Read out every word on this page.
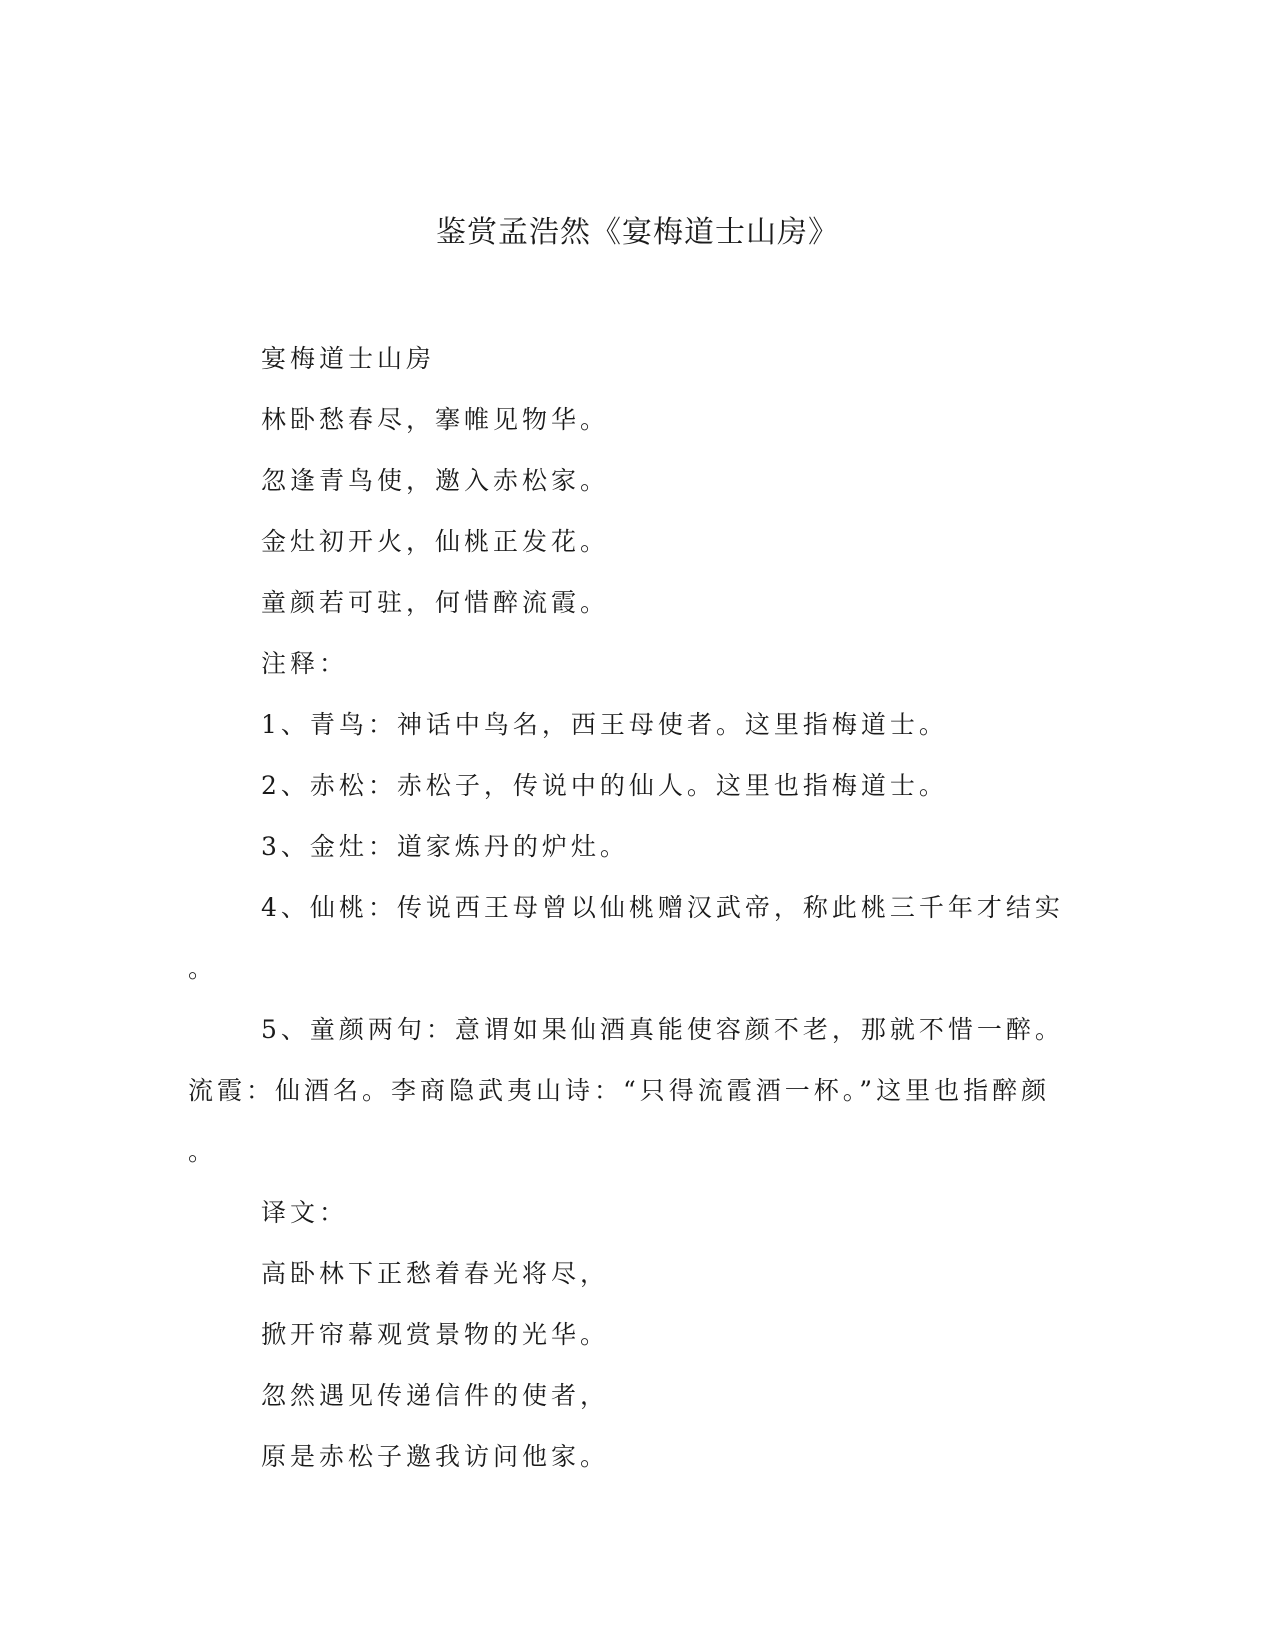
鉴赏孟浩然《宴梅道士山房》
宴梅道士山房
林卧愁春尽，搴帷见物华。
忽逢青鸟使，邀入赤松家。
金灶初开火，仙桃正发花。
童颜若可驻，何惜醉流霞。
注释：
1、青鸟：神话中鸟名，西王母使者。这里指梅道士。
2、赤松：赤松子，传说中的仙人。这里也指梅道士。
3、金灶：道家炼丹的炉灶。
4、仙桃：传说西王母曾以仙桃赠汉武帝，称此桃三千年才结实
。
5、童颜两句：意谓如果仙酒真能使容颜不老，那就不惜一醉。
流霞：仙酒名。李商隐武夷山诗：“只得流霞酒一杯。”这里也指醉颜
。
译文：
高卧林下正愁着春光将尽，
掀开帘幕观赏景物的光华。
忽然遇见传递信件的使者，
原是赤松子邀我访问他家。
